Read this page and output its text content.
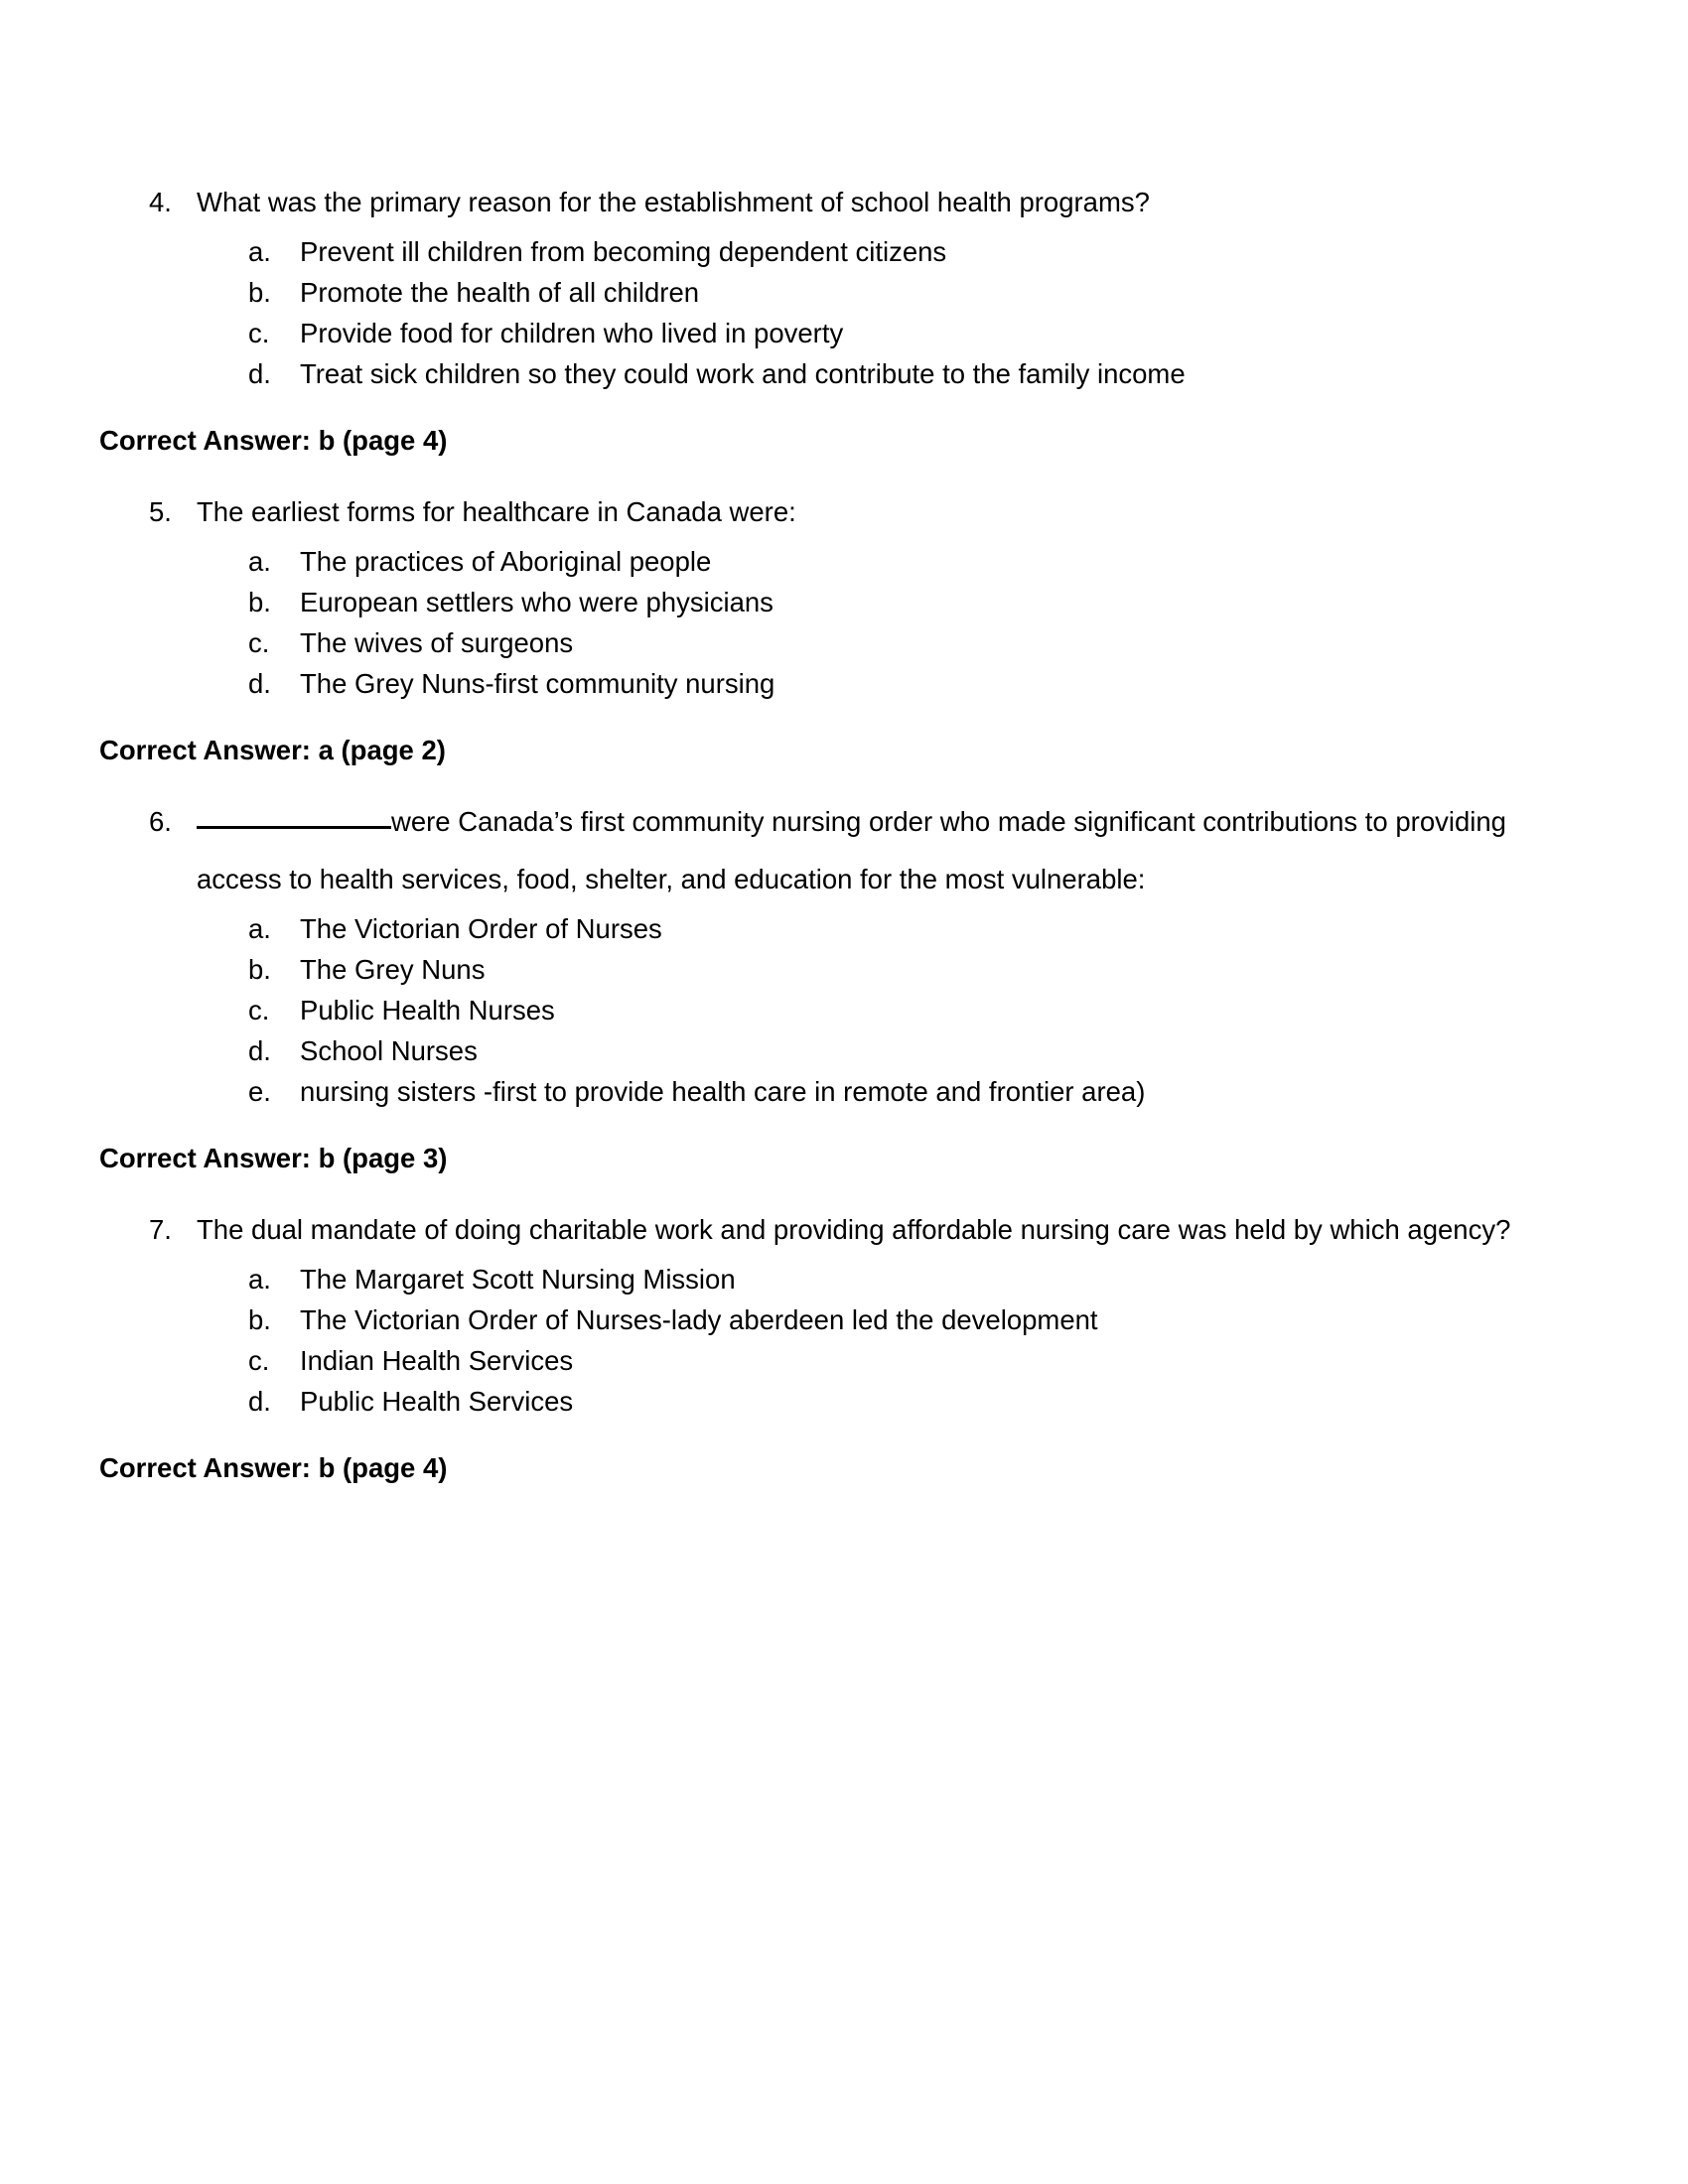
4. What was the primary reason for the establishment of school health programs?

a.	Prevent ill children from becoming dependent citizens
b.	Promote the health of all children
c.	Provide food for children who lived in poverty
d.	Treat sick children so they could work and contribute to the family income

Correct Answer: b (page 4)

5. The earliest forms for healthcare in Canada were:

a.	The practices of Aboriginal people
b.	European settlers who were physicians
c.	The wives of surgeons
d.	The Grey Nuns-first community nursing

Correct Answer: a (page 2)

6.	were Canada’s first community nursing order who made significant contributions to providing access to health services, food, shelter, and education for the most vulnerable:

a.	The Victorian Order of Nurses
b.	The Grey Nuns
c.	Public Health Nurses
d.	School Nurses
e.	nursing sisters -first to provide health care in remote and frontier area)

Correct Answer: b (page 3)

7. The dual mandate of doing charitable work and providing affordable nursing care was held by which agency?

a.	The Margaret Scott Nursing Mission
b.	The Victorian Order of Nurses-lady aberdeen led the development
c.	Indian Health Services
d.	Public Health Services

Correct Answer: b (page 4)
